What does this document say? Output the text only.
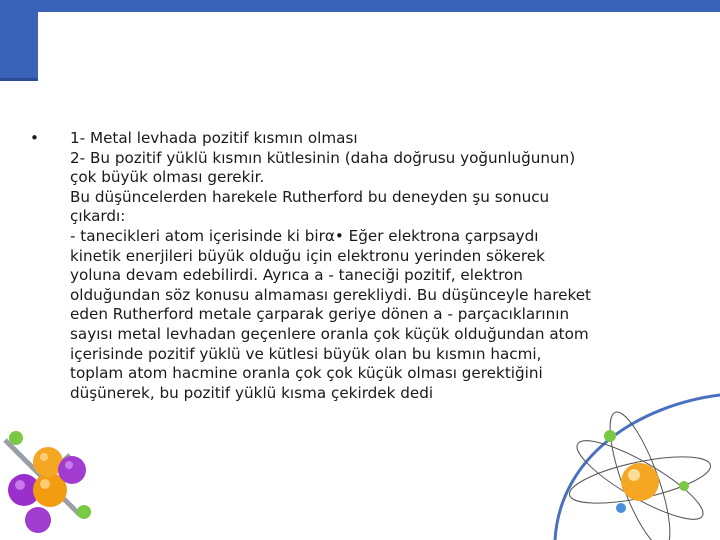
•	1- Metal levhada pozitif kısmın olması
2- Bu pozitif yüklü kısmın kütlesinin (daha doğrusu yoğunluğunun)
çok büyük olması gerekir.
Bu düşüncelerden harekele Rutherford bu deneyden şu sonucu
çıkardı:
- tanecikleri atom içerisinde ki birα• Eğer elektrona çarpsaydı
kinetik enerjileri büyük olduğu için elektronu yerinden sökerek
yoluna devam edebilirdi. Ayrıca a - taneciği pozitif, elektron
olduğundan söz konusu almaması gerekliydi. Bu düşünceyle hareket
eden Rutherford metale çarparak geriye dönen a - parçacıklarının
sayısı metal levhadan geçenlere oranla çok küçük olduğundan atom
içerisinde pozitif yüklü ve kütlesi büyük olan bu kısmın hacmi,
toplam atom hacmine oranla çok çok küçük olması gerektiğini
düşünerek, bu pozitif yüklü kısma çekirdek dedi
